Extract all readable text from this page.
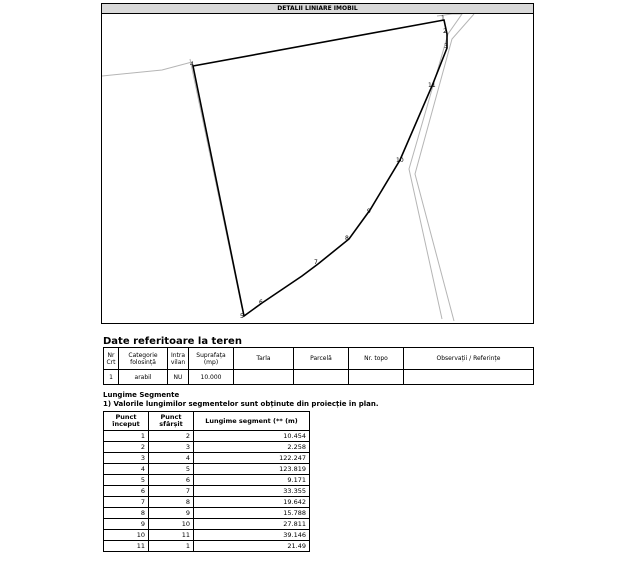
DETALII LINIARE IMOBIL
1
2
4
3
11
10
9
8
7
6
5
Date referitoare la teren
Nr Crt	Categorie folosință	Intra vilan	Suprafața (mp)	Tarla	Parcelă	Nr. topo	Observații / Referințe
1	arabil	NU	10.000				
Lungime Segmente
1) Valorile lungimilor segmentelor sunt obținute din proiecție în plan.
Punct început	Punct sfârșit	Lungime segment (** (m)
1	2	10.454
2	3	2.258
3	4	122.247
4	5	123.819
5	6	9.171
6	7	33.355
7	8	19.642
8	9	15.788
9	10	27.811
10	11	39.146
11	1	21.49
